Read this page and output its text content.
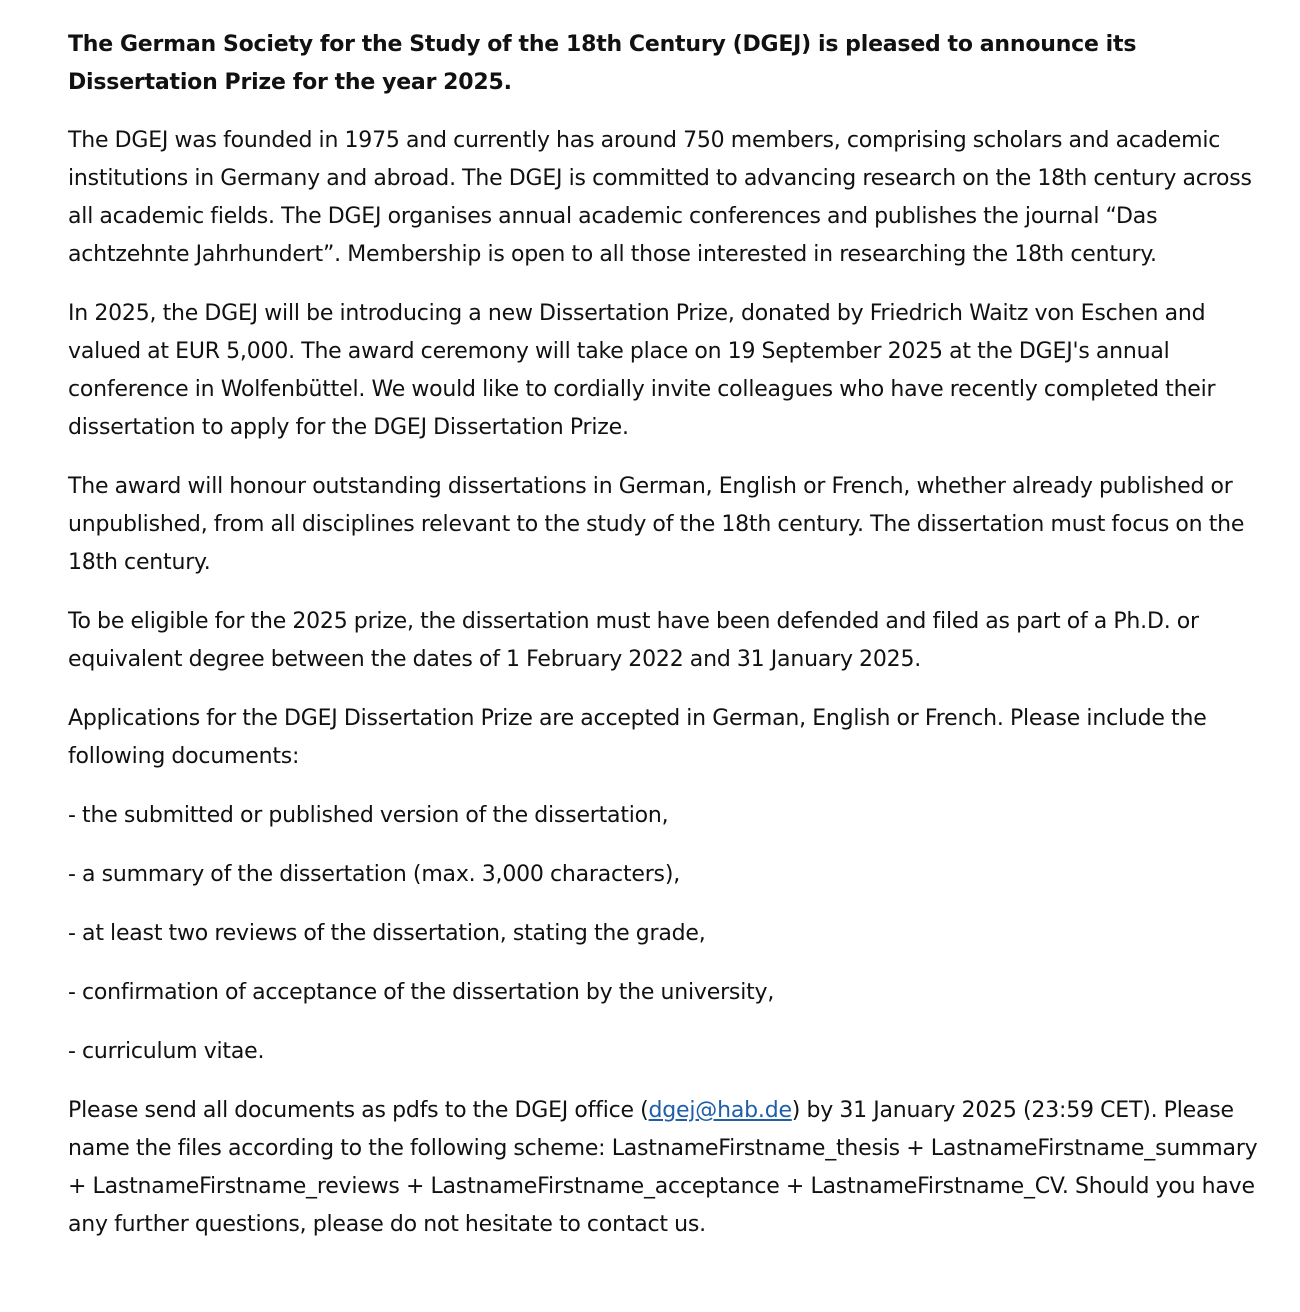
The German Society for the Study of the 18th Century (DGEJ) is pleased to announce its
Dissertation Prize for the year 2025.

The DGEJ was founded in 1975 and currently has around 750 members, comprising scholars and academic institutions in Germany and abroad. The DGEJ is committed to advancing research on the 18th century across all academic fields. The DGEJ organises annual academic conferences and publishes the journal “Das achtzehnte Jahrhundert”. Membership is open to all those interested in researching the 18th century.

In 2025, the DGEJ will be introducing a new Dissertation Prize, donated by Friedrich Waitz von Eschen and valued at EUR 5,000. The award ceremony will take place on 19 September 2025 at the DGEJ's annual conference in Wolfenbüttel. We would like to cordially invite colleagues who have recently completed their dissertation to apply for the DGEJ Dissertation Prize.

The award will honour outstanding dissertations in German, English or French, whether already published or unpublished, from all disciplines relevant to the study of the 18th century. The dissertation must focus on the 18th century.

To be eligible for the 2025 prize, the dissertation must have been defended and filed as part of a Ph.D. or equivalent degree between the dates of 1 February 2022 and 31 January 2025.

Applications for the DGEJ Dissertation Prize are accepted in German, English or French. Please include the following documents:

- the submitted or published version of the dissertation,
- a summary of the dissertation (max. 3,000 characters),
- at least two reviews of the dissertation, stating the grade,
- confirmation of acceptance of the dissertation by the university,
- curriculum vitae.

Please send all documents as pdfs to the DGEJ office (dgej@hab.de) by 31 January 2025 (23:59 CET). Please name the files according to the following scheme: LastnameFirstname_thesis + LastnameFirstname_summary + LastnameFirstname_reviews + LastnameFirstname_acceptance + LastnameFirstname_CV. Should you have any further questions, please do not hesitate to contact us.
